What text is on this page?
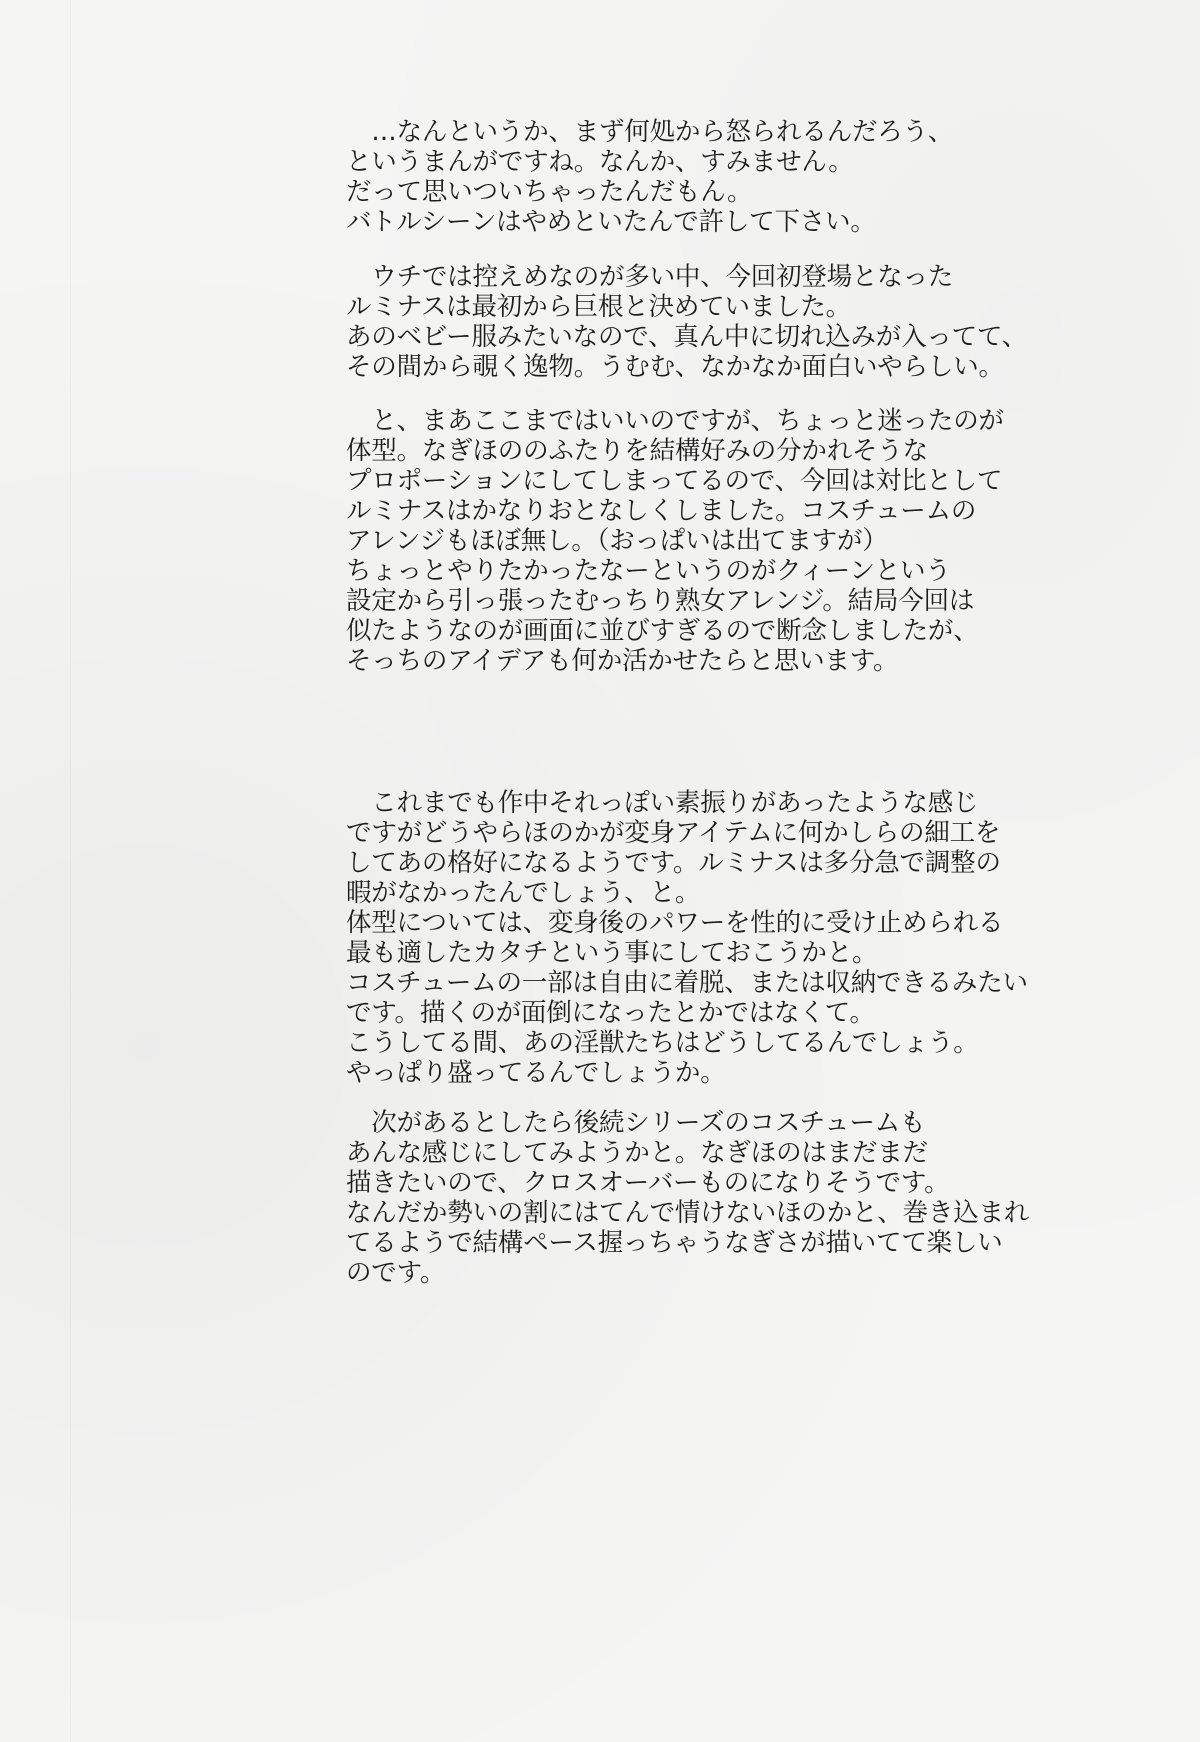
　…なんというか、まず何処から怒られるんだろう、
というまんがですね。なんか、すみません。
だって思いついちゃったんだもん。
バトルシーンはやめといたんで許して下さい。
　ウチでは控えめなのが多い中、今回初登場となった
ルミナスは最初から巨根と決めていました。
あのベビー服みたいなので、真ん中に切れ込みが入ってて、
その間から覗く逸物。うむむ、なかなか面白いやらしい。
　と、まあここまではいいのですが、ちょっと迷ったのが
体型。なぎほののふたりを結構好みの分かれそうな
プロポーションにしてしまってるので、今回は対比として
ルミナスはかなりおとなしくしました。コスチュームの
アレンジもほぼ無し。（おっぱいは出てますが）
ちょっとやりたかったなーというのがクィーンという
設定から引っ張ったむっちり熟女アレンジ。結局今回は
似たようなのが画面に並びすぎるので断念しましたが、
そっちのアイデアも何か活かせたらと思います。
　これまでも作中それっぽい素振りがあったような感じ
ですがどうやらほのかが変身アイテムに何かしらの細工を
してあの格好になるようです。ルミナスは多分急で調整の
暇がなかったんでしょう、と。
体型については、変身後のパワーを性的に受け止められる
最も適したカタチという事にしておこうかと。
コスチュームの一部は自由に着脱、または収納できるみたい
です。描くのが面倒になったとかではなくて。
こうしてる間、あの淫獣たちはどうしてるんでしょう。
やっぱり盛ってるんでしょうか。
　次があるとしたら後続シリーズのコスチュームも
あんな感じにしてみようかと。なぎほのはまだまだ
描きたいので、クロスオーバーものになりそうです。
なんだか勢いの割にはてんで情けないほのかと、巻き込まれ
てるようで結構ペース握っちゃうなぎさが描いてて楽しい
のです。
